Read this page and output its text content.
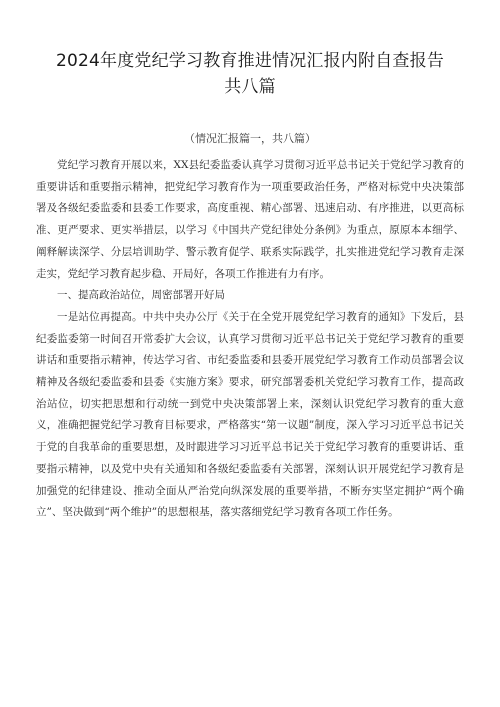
2024年度党纪学习教育推进情况汇报内附自查报告共八篇
（情况汇报篇一，共八篇）

党纪学习教育开展以来，XX县纪委监委认真学习贯彻习近平总书记关于党纪学习教育的重要讲话和重要指示精神，把党纪学习教育作为一项重要政治任务，严格对标党中央决策部署及各级纪委监委和县委工作要求，高度重视、精心部署、迅速启动、有序推进，以更高标准、更严要求、更实举措层，以学习《中国共产党纪律处分条例》为重点，原原本本细学、阐释解读深学、分层培训助学、警示教育促学、联系实际践学，扎实推进党纪学习教育走深走实，党纪学习教育起步稳、开局好，各项工作推进有力有序。

一、提高政治站位，周密部署开好局

一是站位再提高。中共中央办公厅《关于在全党开展党纪学习教育的通知》下发后，县纪委监委第一时间召开常委扩大会议，认真学习贯彻习近平总书记关于党纪学习教育的重要讲话和重要指示精神，传达学习省、市纪委监委和县委开展党纪学习教育工作动员部署会议精神及各级纪委监委和县委《实施方案》要求，研究部署委机关党纪学习教育工作，提高政治站位，切实把思想和行动统一到党中央决策部署上来，深刻认识党纪学习教育的重大意义，准确把握党纪学习教育目标要求，严格落实“第一议题”制度，深入学习习近平总书记关于党的自我革命的重要思想，及时跟进学习习近平总书记关于党纪学习教育的重要讲话、重要指示精神，以及党中央有关通知和各级纪委监委有关部署，深刻认识开展党纪学习教育是加强党的纪律建设、推动全面从严治党向纵深发展的重要举措，不断夯实坚定拥护“两个确立”、坚决做到“两个维护”的思想根基，落实落细党纪学习教育各项工作任务。
